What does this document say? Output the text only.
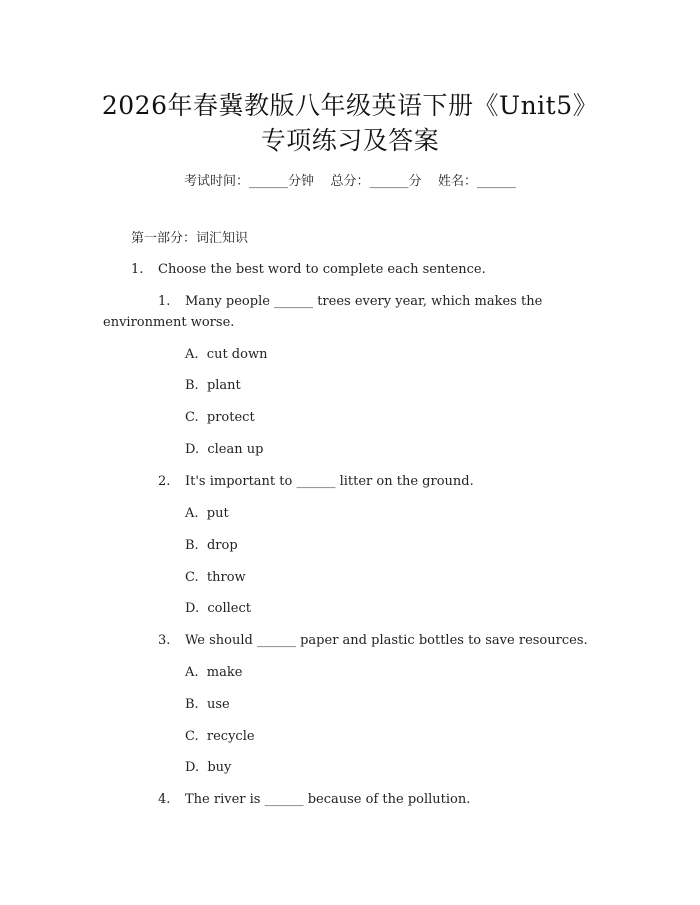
2026年春冀教版八年级英语下册《Unit5》
专项练习及答案
考试时间：______分钟    总分：______分    姓名：______
第一部分：词汇知识
1. Choose the best word to complete each sentence.
1. Many people ______ trees every year, which makes the
environment worse.
A.  cut down
B.  plant
C.  protect
D.  clean up
2. It's important to ______ litter on the ground.
A.  put
B.  drop
C.  throw
D.  collect
3. We should ______ paper and plastic bottles to save resources.
A.  make
B.  use
C.  recycle
D.  buy
4. The river is ______ because of the pollution.
